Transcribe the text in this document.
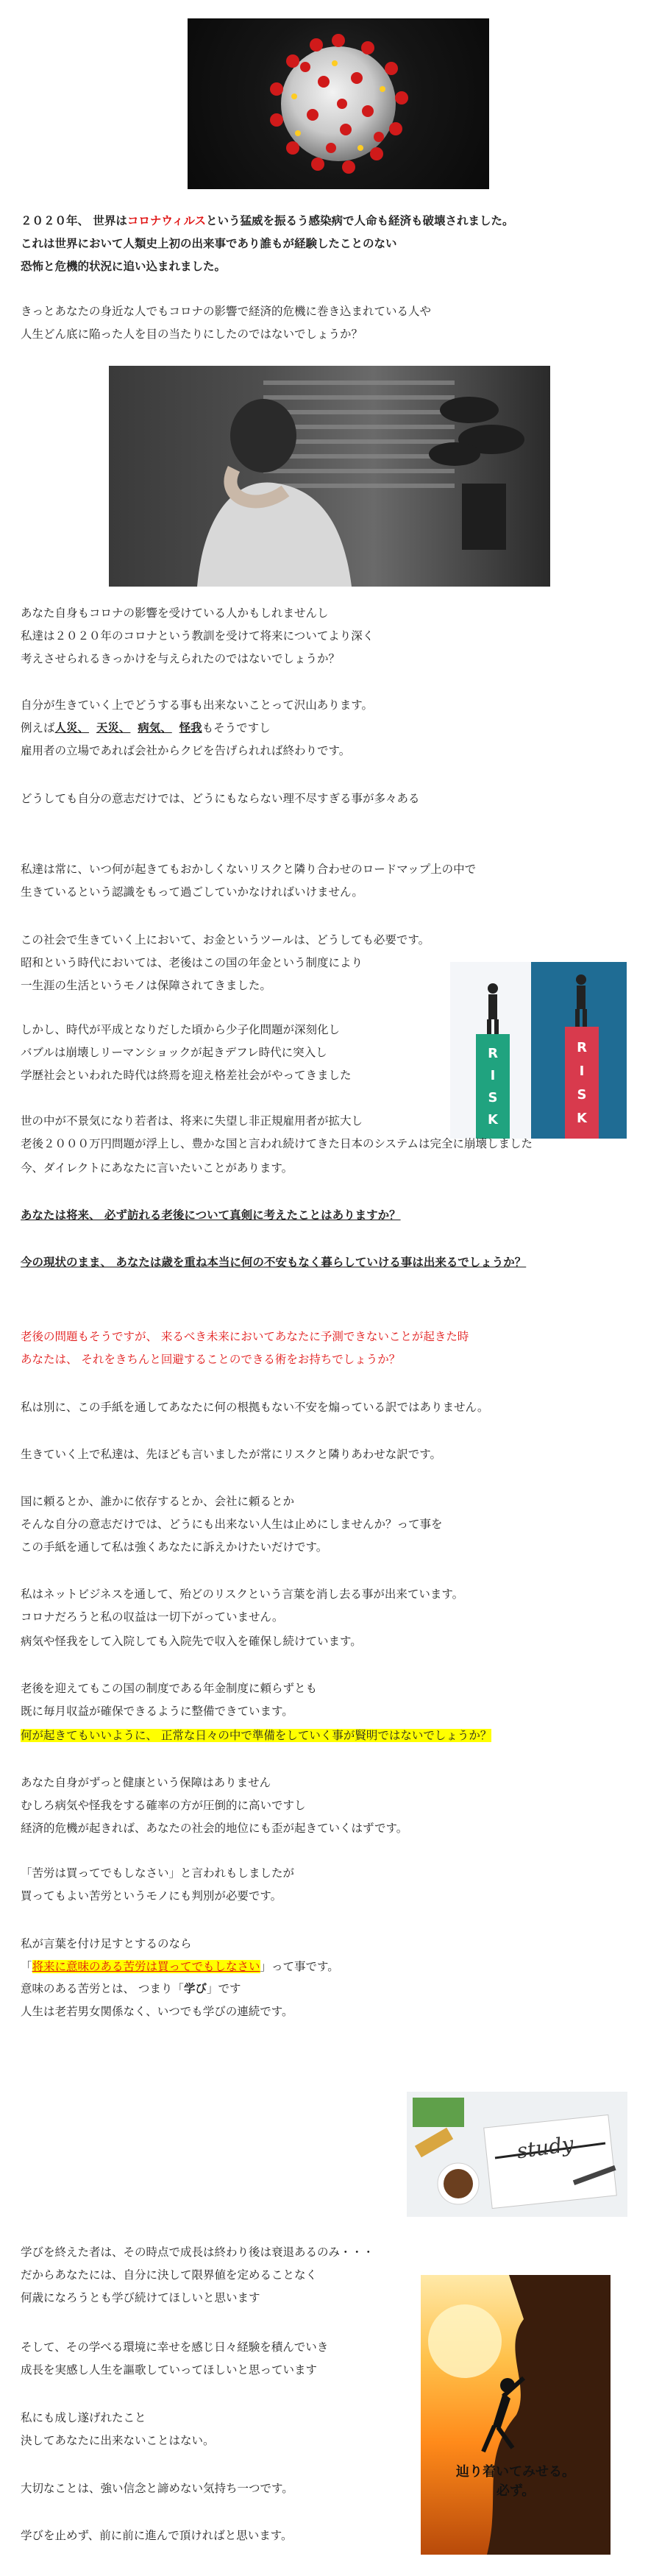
２０２０年、 世界はコロナウィルスという猛威を振るう感染病で人命も経済も破壊されました。
これは世界において人類史上初の出来事であり誰もが経験したことのない
恐怖と危機的状況に追い込まれました。

きっとあなたの身近な人でもコロナの影響で経済的危機に巻き込まれている人や
人生どん底に陥った人を目の当たりにしたのではないでしょうか？

あなた自身もコロナの影響を受けている人かもしれませんし
私達は２０２０年のコロナという教訓を受けて将来についてより深く
考えさせられるきっかけを与えられたのではないでしょうか？

自分が生きていく上でどうする事も出来ないことって沢山あります。
例えば人災、 天災、 病気、 怪我もそうですし
雇用者の立場であれば会社からクビを告げられれば終わりです。

どうしても自分の意志だけでは、どうにもならない理不尽すぎる事が多々ある

私達は常に、いつ何が起きてもおかしくないリスクと隣り合わせのロードマップ上の中で
生きているという認識をもって過ごしていかなければいけません。

この社会で生きていく上において、お金というツールは、どうしても必要です。
昭和という時代においては、老後はこの国の年金という制度により
一生涯の生活というモノは保障されてきました。

R I S K
R I S K

しかし、時代が平成となりだした頃から少子化問題が深刻化し
バブルは崩壊しリーマンショックが起きデフレ時代に突入し
学歴社会といわれた時代は終焉を迎え格差社会がやってきました

世の中が不景気になり若者は、将来に失望し非正規雇用者が拡大し
老後２０００万円問題が浮上し、豊かな国と言われ続けてきた日本のシステムは完全に崩壊しました

今、ダイレクトにあなたに言いたいことがあります。

あなたは将来、 必ず訪れる老後について真剣に考えたことはありますか？

今の現状のまま、 あなたは歳を重ね本当に何の不安もなく暮らしていける事は出来るでしょうか？

老後の問題もそうですが、 来るべき未来においてあなたに予測できないことが起きた時
あなたは、 それをきちんと回避することのできる術をお持ちでしょうか？

私は別に、この手紙を通してあなたに何の根拠もない不安を煽っている訳ではありません。

生きていく上で私達は、先ほども言いましたが常にリスクと隣りあわせな訳です。

国に頼るとか、誰かに依存するとか、会社に頼るとか
そんな自分の意志だけでは、どうにも出来ない人生は止めにしませんか？って事を
この手紙を通して私は強くあなたに訴えかけたいだけです。

私はネットビジネスを通して、殆どのリスクという言葉を消し去る事が出来ています。
コロナだろうと私の収益は一切下がっていません。

病気や怪我をして入院しても入院先で収入を確保し続けています。

老後を迎えてもこの国の制度である年金制度に頼らずとも
既に毎月収益が確保できるように整備できています。

何が起きてもいいように、 正常な日々の中で準備をしていく事が賢明ではないでしょうか？

あなた自身がずっと健康という保障はありません
むしろ病気や怪我をする確率の方が圧倒的に高いですし
経済的危機が起きれば、あなたの社会的地位にも歪が起きていくはずです。

「苦労は買ってでもしなさい」と言われもしましたが
買ってもよい苦労というモノにも判別が必要です。

私が言葉を付け足すとするのなら
「将来に意味のある苦労は買ってでもしなさい」って事です。

study

意味のある苦労とは、 つまり「学び」です
人生は老若男女関係なく、いつでも学びの連続です。

学びを終えた者は、その時点で成長は終わり後は衰退あるのみ・・・
だからあなたには、自分に決して限界値を定めることなく
何歳になろうとも学び続けてほしいと思います

辿り着いてみせる。
必ず。

そして、その学べる環境に幸せを感じ日々経験を積んでいき
成長を実感し人生を謳歌していってほしいと思っています

私にも成し遂げれたこと
決してあなたに出来ないことはない。

大切なことは、強い信念と諦めない気持ち一つです。

学びを止めず、前に前に進んで頂ければと思います。
